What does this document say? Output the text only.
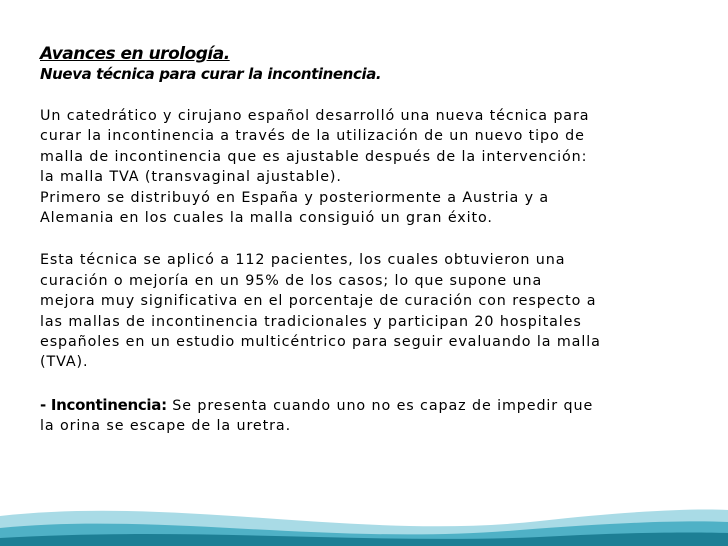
Avances en urología.

Nueva técnica para curar la incontinencia.

Un catedrático y cirujano español desarrolló una nueva técnica para

curar la incontinencia a través de la utilización de un nuevo tipo de

malla de incontinencia que es ajustable después de la intervención:

la malla TVA (transvaginal ajustable).

Primero se distribuyó en España y posteriormente a Austria y a

Alemania en los cuales la malla consiguió un gran éxito.

Esta técnica se aplicó a 112 pacientes, los cuales obtuvieron una

curación o mejoría en un 95% de los casos; lo que supone una

mejora muy significativa en el porcentaje de curación con respecto a

las mallas de incontinencia tradicionales y participan 20 hospitales

españoles en un estudio multicéntrico para seguir evaluando la malla

(TVA).

- Incontinencia: Se presenta cuando uno no es capaz de impedir que

la orina se escape de la uretra.
